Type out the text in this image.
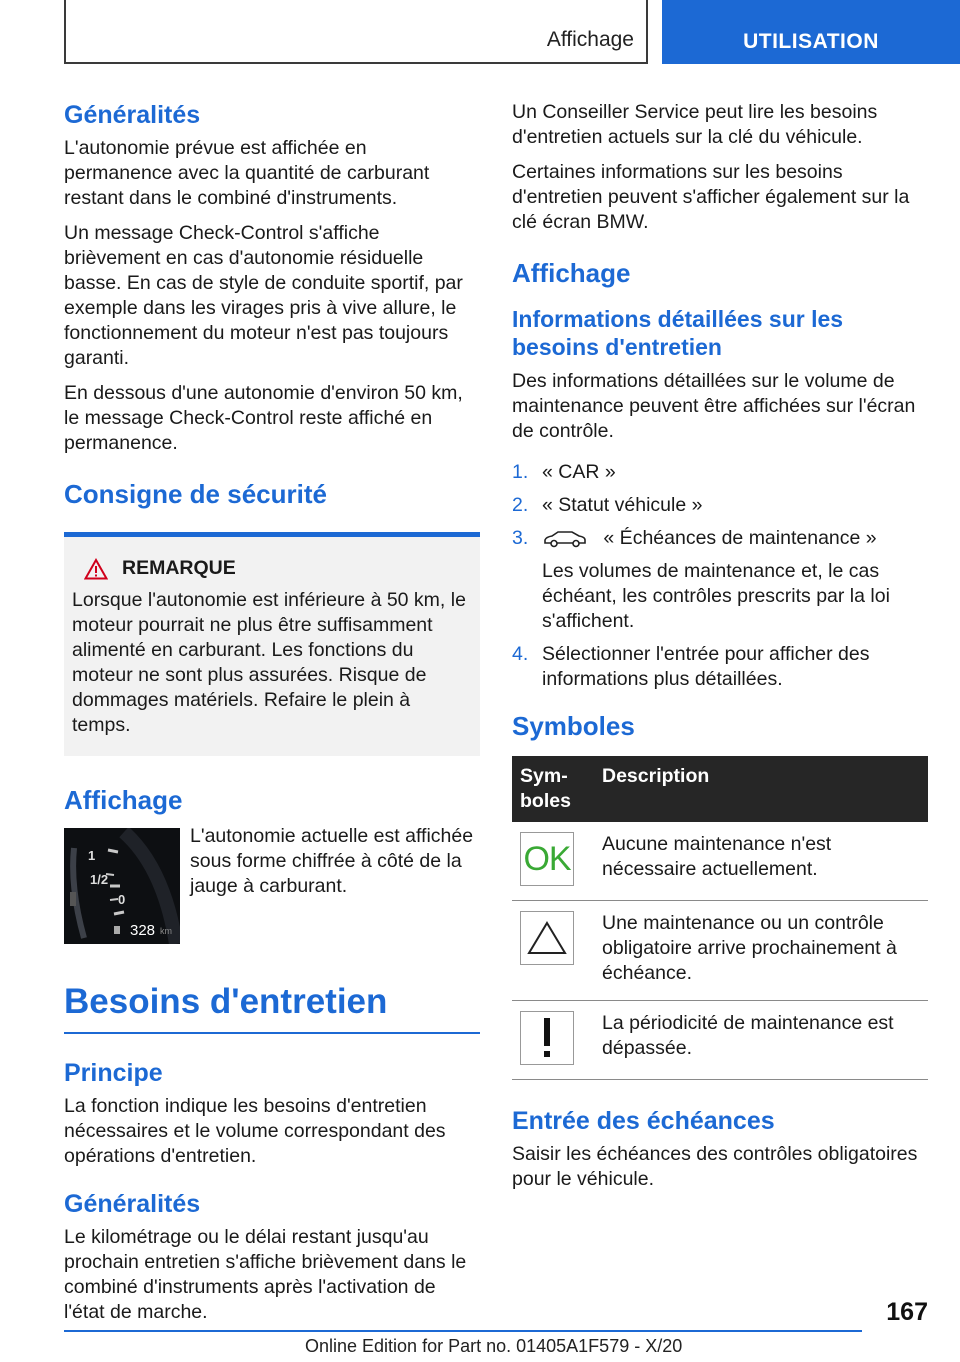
Affichage	UTILISATION
Généralités

L'autonomie prévue est affichée en permanence avec la quantité de carburant restant dans le combiné d'instruments.

Un message Check-Control s'affiche brièvement en cas d'autonomie résiduelle basse. En cas de style de conduite sportif, par exemple dans les virages pris à vive allure, le fonctionnement du moteur n'est pas toujours garanti.

En dessous d'une autonomie d'environ 50 km, le message Check-Control reste affiché en permanence.

Consigne de sécurité
REMARQUE

Lorsque l'autonomie est inférieure à 50 km, le moteur pourrait ne plus être suffisamment alimenté en carburant. Les fonctions du moteur ne sont plus assurées. Risque de dommages matériels. Refaire le plein à temps.

Affichage
1
1/2
0
328 km

L'autonomie actuelle est affichée sous forme chiffrée à côté de la jauge à carburant.

Besoins d'entretien
Principe

La fonction indique les besoins d'entretien nécessaires et le volume correspondant des opérations d'entretien.

Généralités

Le kilométrage ou le délai restant jusqu'au prochain entretien s'affiche brièvement dans le combiné d'instruments après l'activation de l'état de marche.

Un Conseiller Service peut lire les besoins d'entretien actuels sur la clé du véhicule.

Certaines informations sur les besoins d'entretien peuvent s'afficher également sur la clé écran BMW.

Affichage
Informations détaillées sur les besoins d'entretien

Des informations détaillées sur le volume de maintenance peuvent être affichées sur l'écran de contrôle.

1. « CAR »
2. « Statut véhicule »
3.	« Échéances de maintenance »
Les volumes de maintenance et, le cas échéant, les contrôles prescrits par la loi s'affichent.
4. Sélectionner l'entrée pour afficher des informations plus détaillées.
Symboles
Sym-boles	Description

OK	Aucune maintenance n'est nécessaire actuellement.

	Une maintenance ou un contrôle obligatoire arrive prochainement à échéance.

	La périodicité de maintenance est dépassée.
Entrée des échéances

Saisir les échéances des contrôles obligatoires pour le véhicule.

167
Online Edition for Part no. 01405A1F579 - X/20
